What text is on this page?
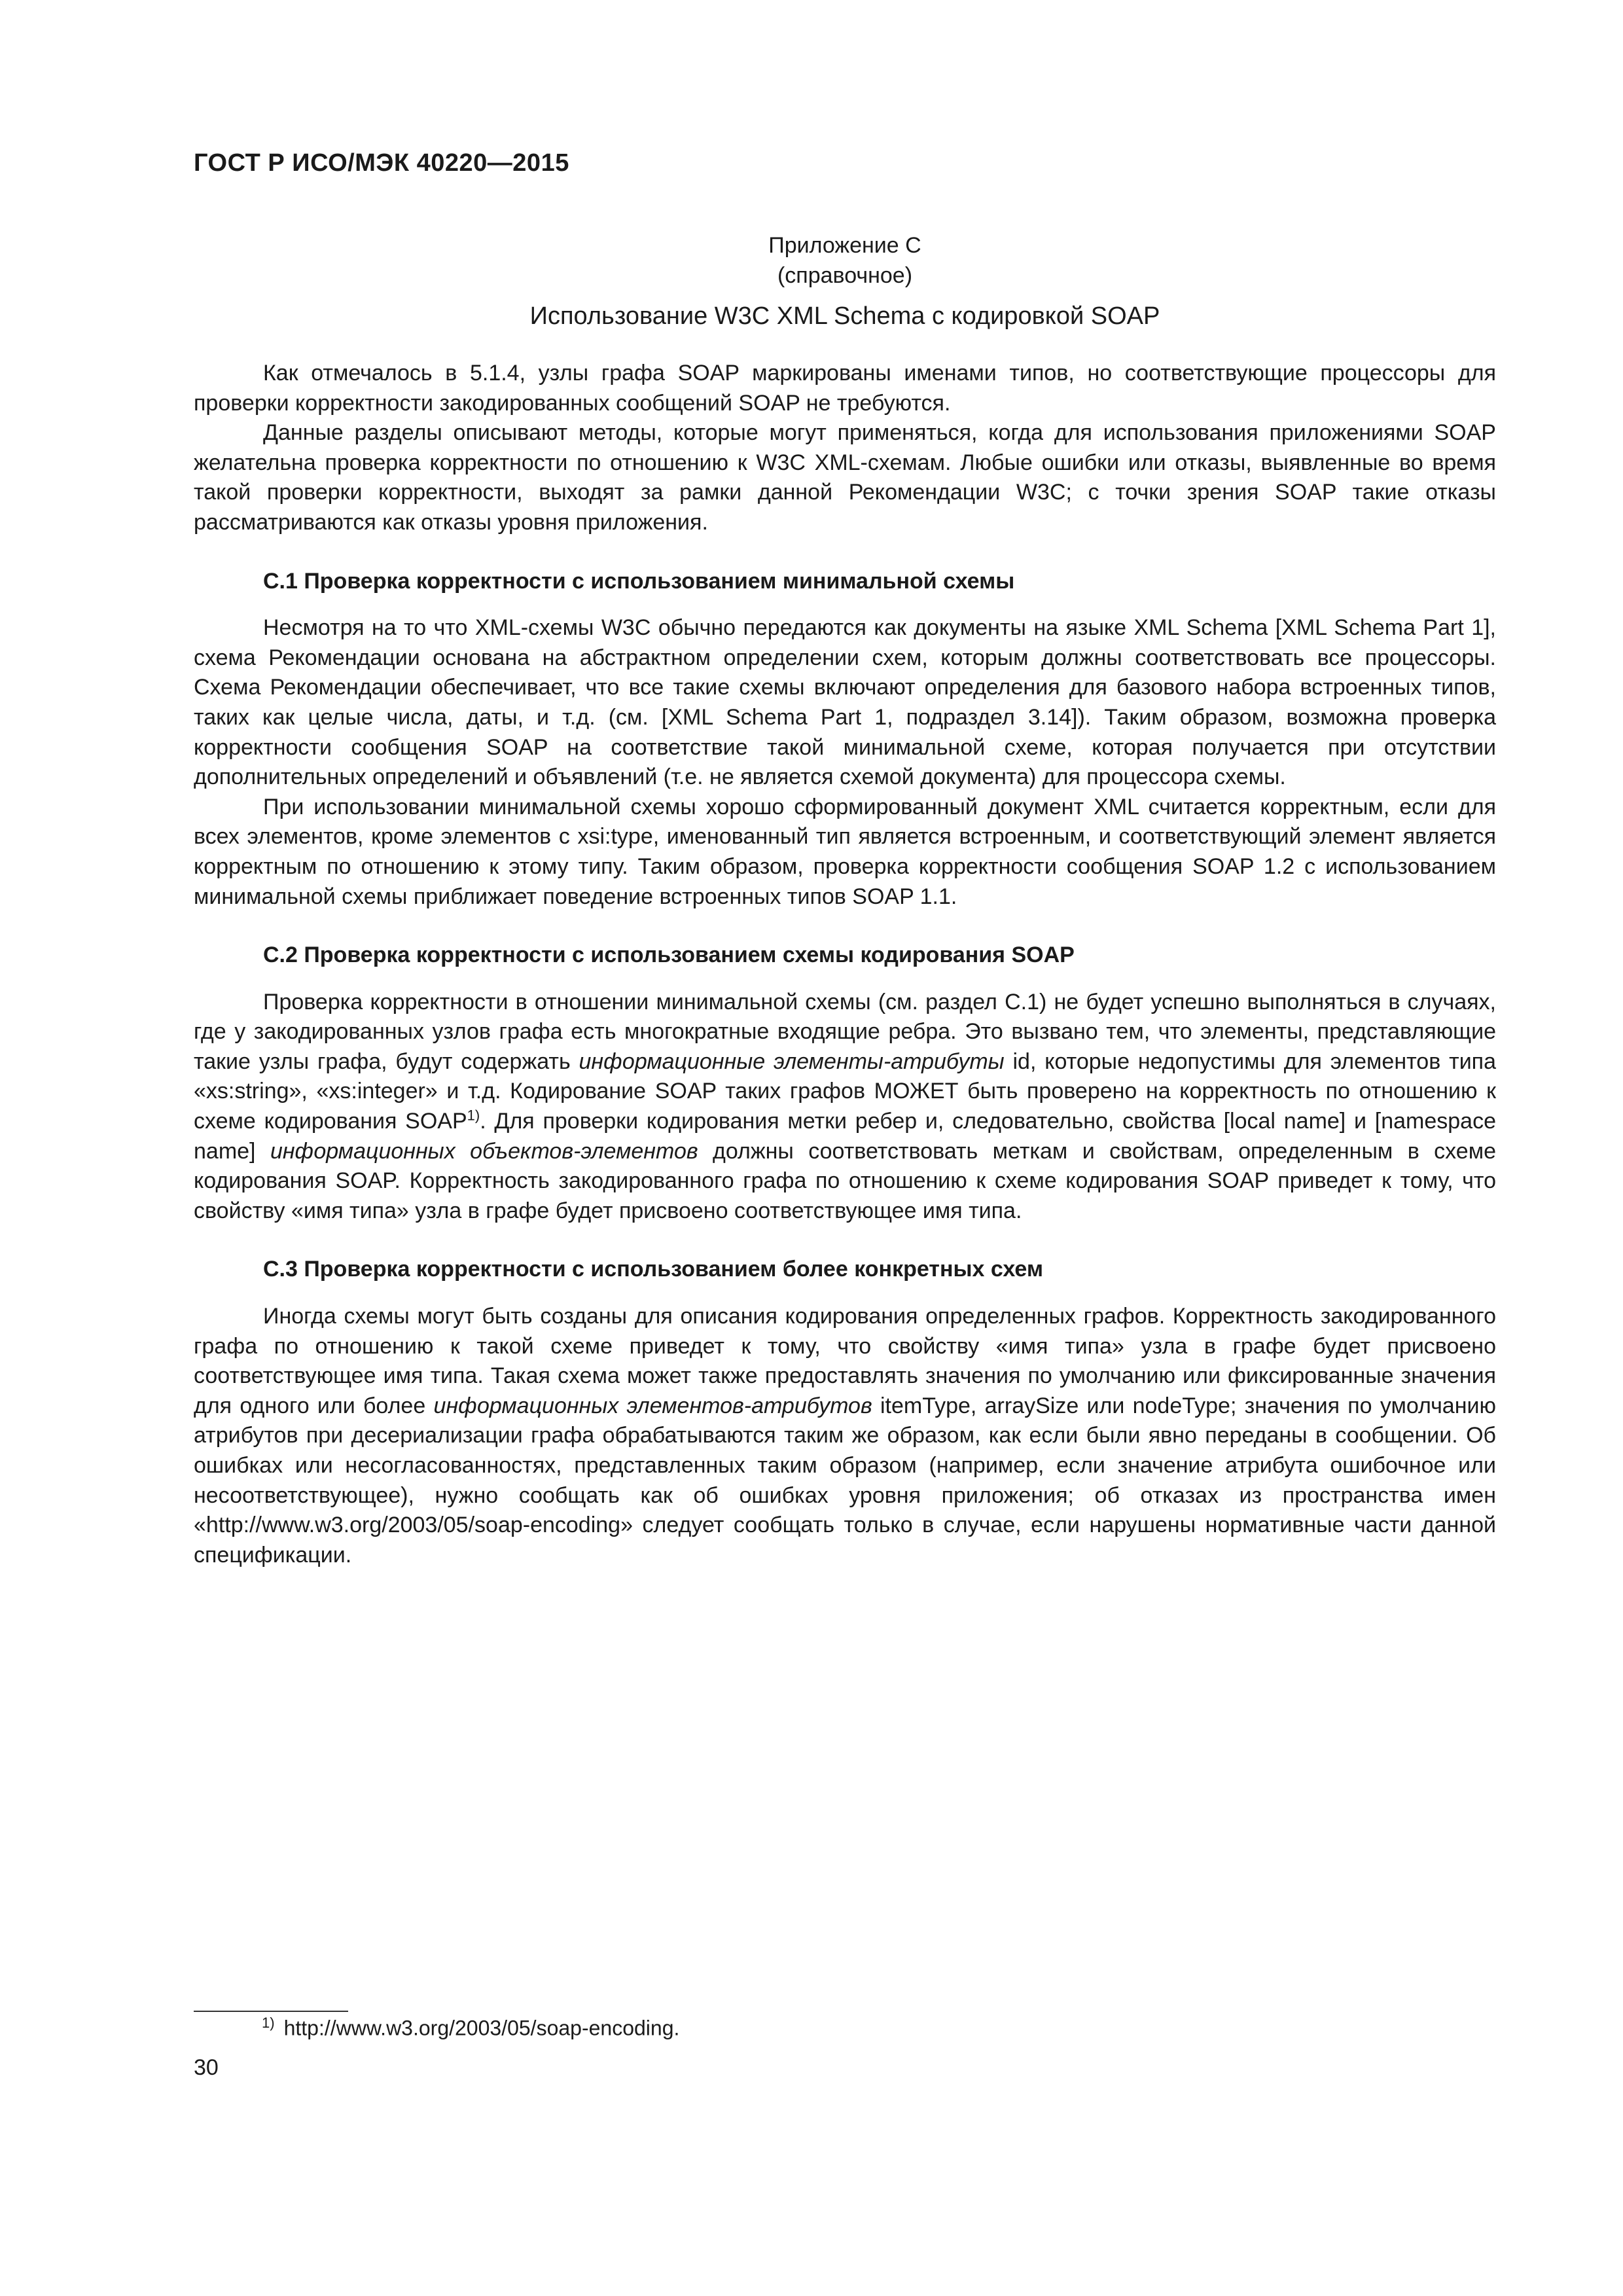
ГОСТ Р ИСО/МЭК 40220—2015
Приложение С
(справочное)
Использование W3C XML Schema с кодировкой SOAP

Как отмечалось в 5.1.4, узлы графа SOAP маркированы именами типов, но соответствующие процессоры для проверки корректности закодированных сообщений SOAP не требуются.

Данные разделы описывают методы, которые могут применяться, когда для использования приложениями SOAP желательна проверка корректности по отношению к W3C XML-схемам. Любые ошибки или отказы, выявленные во время такой проверки корректности, выходят за рамки данной Рекомендации W3C; с точки зрения SOAP такие отказы рассматриваются как отказы уровня приложения.

С.1 Проверка корректности с использованием минимальной схемы

Несмотря на то что XML-схемы W3C обычно передаются как документы на языке XML Schema [XML Schema Part 1], схема Рекомендации основана на абстрактном определении схем, которым должны соответствовать все процессоры. Схема Рекомендации обеспечивает, что все такие схемы включают определения для базового набора встроенных типов, таких как целые числа, даты, и т.д. (см. [XML Schema Part 1, подраздел 3.14]). Таким образом, возможна проверка корректности сообщения SOAP на соответствие такой минимальной схеме, которая получается при отсутствии дополнительных определений и объявлений (т.е. не является схемой документа) для процессора схемы.

При использовании минимальной схемы хорошо сформированный документ XML считается корректным, если для всех элементов, кроме элементов с xsi:type, именованный тип является встроенным, и соответствующий элемент является корректным по отношению к этому типу. Таким образом, проверка корректности сообщения SOAP 1.2 с использованием минимальной схемы приближает поведение встроенных типов SOAP 1.1.

С.2 Проверка корректности с использованием схемы кодирования SOAP

Проверка корректности в отношении минимальной схемы (см. раздел С.1) не будет успешно выполняться в случаях, где у закодированных узлов графа есть многократные входящие ребра. Это вызвано тем, что элементы, представляющие такие узлы графа, будут содержать информационные элементы-атрибуты id, которые недопустимы для элементов типа «xs:string», «xs:integer» и т.д. Кодирование SOAP таких графов МОЖЕТ быть проверено на корректность по отношению к схеме кодирования SOAP$^{1)}$. Для проверки кодирования метки ребер и, следовательно, свойства [local name] и [namespace name] информационных объектов-элементов должны соответствовать меткам и свойствам, определенным в схеме кодирования SOAP. Корректность закодированного графа по отношению к схеме кодирования SOAP приведет к тому, что свойству «имя типа» узла в графе будет присвоено соответствующее имя типа.

С.3 Проверка корректности с использованием более конкретных схем

Иногда схемы могут быть созданы для описания кодирования определенных графов. Корректность закодированного графа по отношению к такой схеме приведет к тому, что свойству «имя типа» узла в графе будет присвоено соответствующее имя типа. Такая схема может также предоставлять значения по умолчанию или фиксированные значения для одного или более информационных элементов-атрибутов itemType, arraySize или nodeType; значения по умолчанию атрибутов при десериализации графа обрабатываются таким же образом, как если были явно переданы в сообщении. Об ошибках или несогласованностях, представленных таким образом (например, если значение атрибута ошибочное или несоответствующее), нужно сообщать как об ошибках уровня приложения; об отказах из пространства имен «http://www.w3.org/2003/05/soap-encoding» следует сообщать только в случае, если нарушены нормативные части данной спецификации.

$^{1)}$ http://www.w3.org/2003/05/soap-encoding.
30
